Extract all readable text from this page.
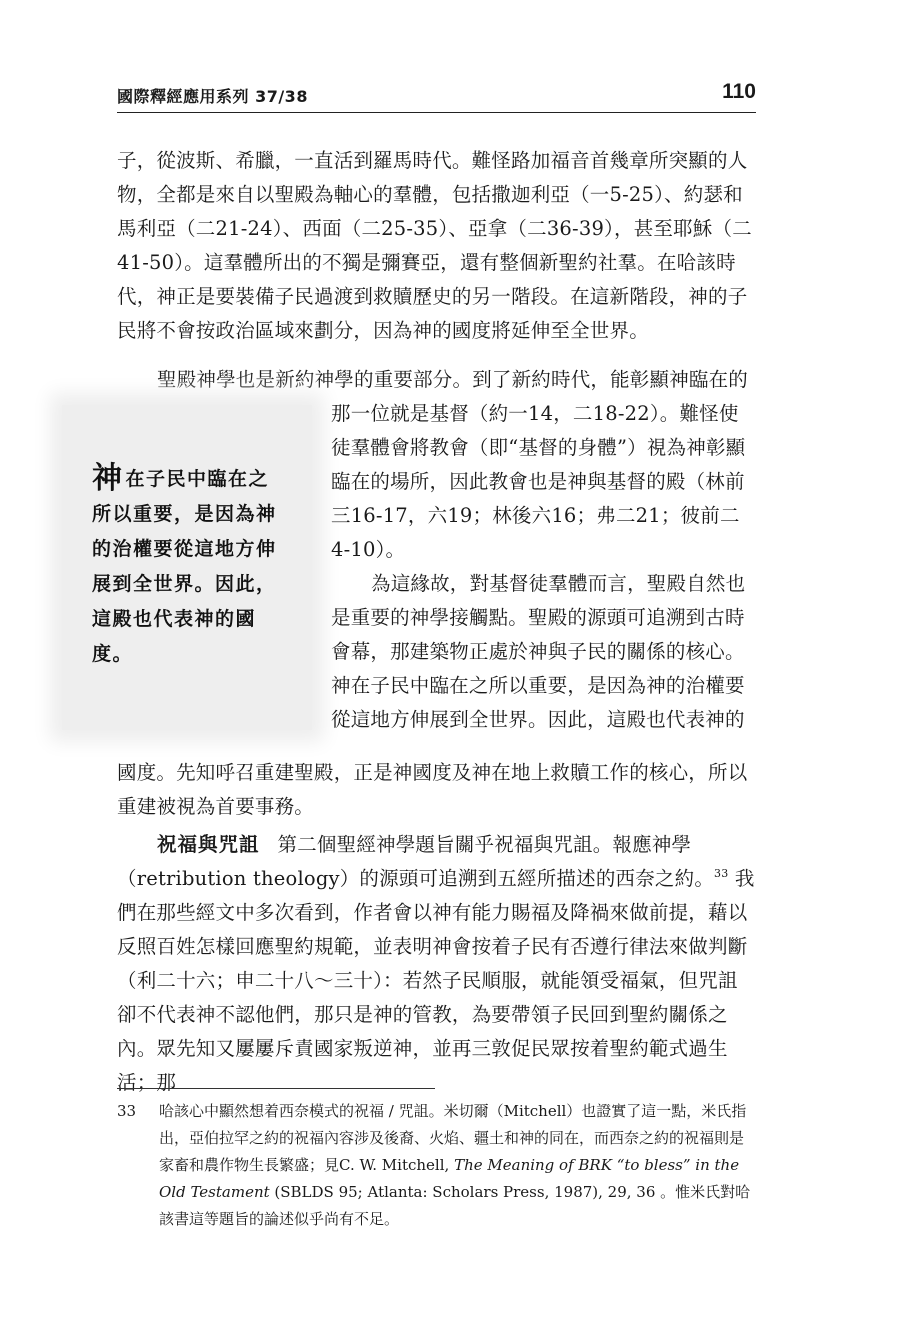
國際釋經應用系列 37/38	110
子，從波斯、希臘，一直活到羅馬時代。難怪路加福音首幾章所突顯的人物，全都是來自以聖殿為軸心的羣體，包括撒迦利亞（一5-25）、約瑟和馬利亞（二21-24）、西面（二25-35）、亞拿（二36-39），甚至耶穌（二41-50）。這羣體所出的不獨是彌賽亞，還有整個新聖約社羣。在哈該時代，神正是要裝備子民過渡到救贖歷史的另一階段。在這新階段，神的子民將不會按政治區域來劃分，因為神的國度將延伸至全世界。
聖殿神學也是新約神學的重要部分。到了新約時代，能彰顯神臨在的
神在子民中臨在之所以重要，是因為神的治權要從這地方伸展到全世界。因此，這殿也代表神的國度。
那一位就是基督（約一14，二18-22）。難怪使徒羣體會將教會（即“基督的身體”）視為神彰顯臨在的場所，因此教會也是神與基督的殿（林前三16-17，六19；林後六16；弗二21；彼前二4-10）。
為這緣故，對基督徒羣體而言，聖殿自然也是重要的神學接觸點。聖殿的源頭可追溯到古時會幕，那建築物正處於神與子民的關係的核心。神在子民中臨在之所以重要，是因為神的治權要從這地方伸展到全世界。因此，這殿也代表神的
國度。先知呼召重建聖殿，正是神國度及神在地上救贖工作的核心，所以重建被視為首要事務。
祝福與咒詛 第二個聖經神學題旨關乎祝福與咒詛。報應神學（retribution theology）的源頭可追溯到五經所描述的西奈之約。$^{33}$ 我們在那些經文中多次看到，作者會以神有能力賜福及降禍來做前提，藉以反照百姓怎樣回應聖約規範，並表明神會按着子民有否遵行律法來做判斷（利二十六；申二十八～三十）：若然子民順服，就能領受福氣，但咒詛卻不代表神不認他們，那只是神的管教，為要帶領子民回到聖約關係之內。眾先知又屢屢斥責國家叛逆神，並再三敦促民眾按着聖約範式過生活；那
33	哈該心中顯然想着西奈模式的祝福 / 咒詛。米切爾（Mitchell）也證實了這一點，米氏指出，亞伯拉罕之約的祝福內容涉及後裔、火焰、疆土和神的同在，而西奈之約的祝福則是家畜和農作物生長繁盛；見C. W. Mitchell, The Meaning of BRK “to bless” in the Old Testament (SBLDS 95; Atlanta: Scholars Press, 1987), 29, 36 。惟米氏對哈該書這等題旨的論述似乎尚有不足。
